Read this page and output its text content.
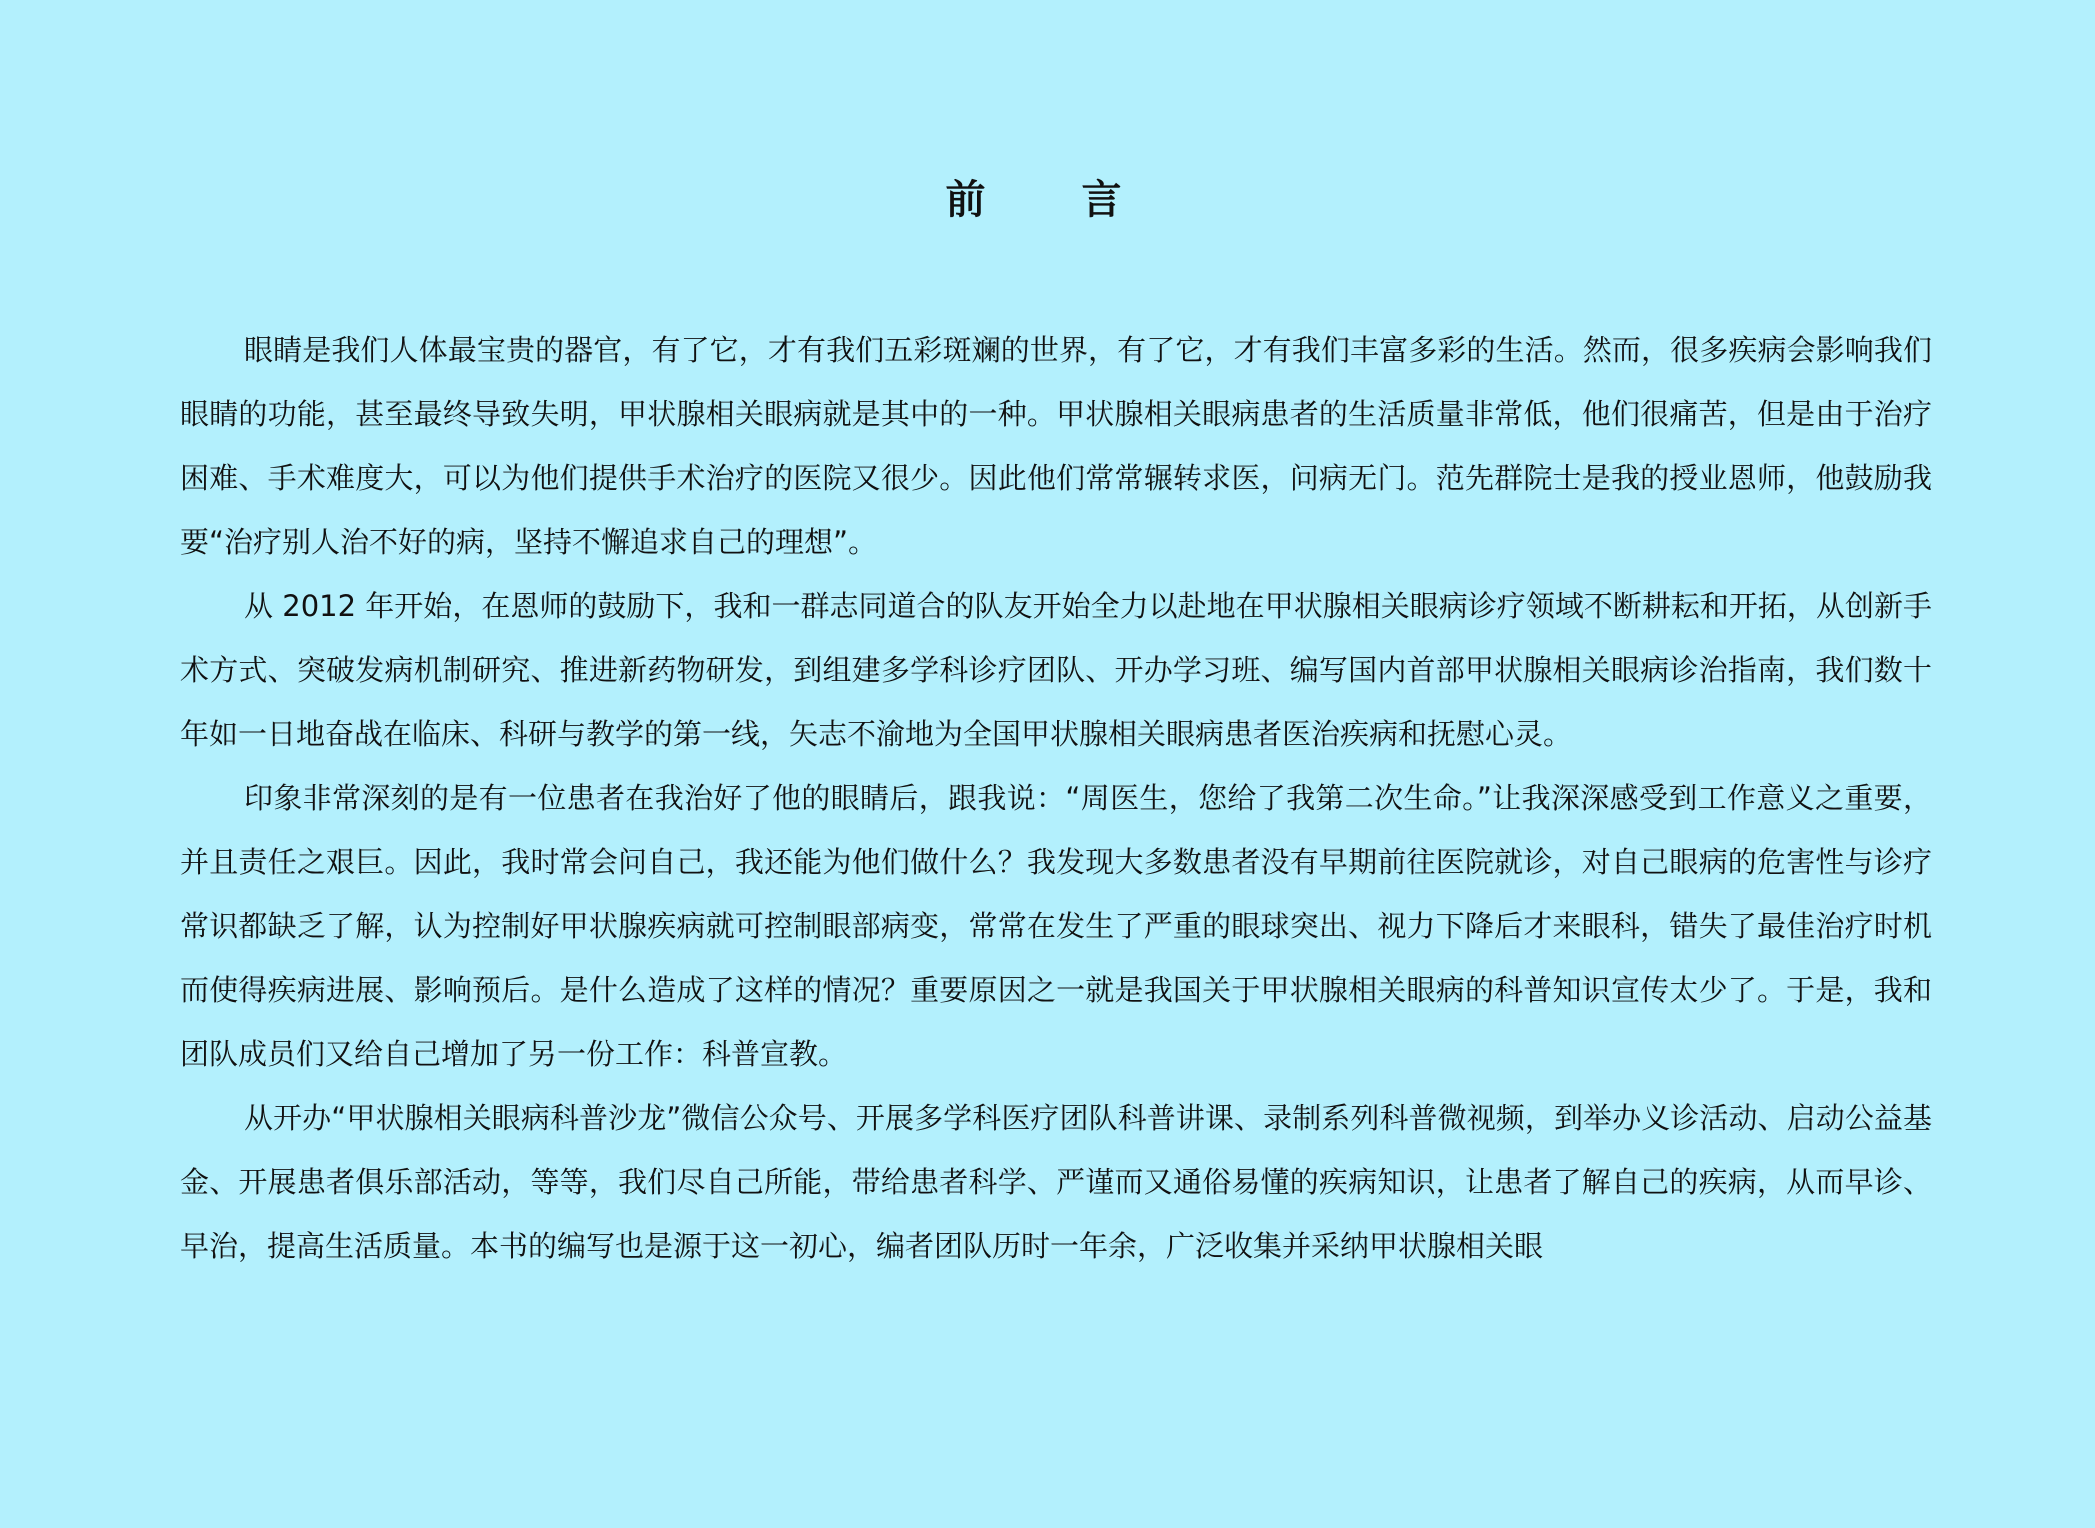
前　言

眼睛是我们人体最宝贵的器官，有了它，才有我们五彩斑斓的世界，有了它，才有我们丰富多彩的生活。然而，很多疾病会影响我们眼睛的功能，甚至最终导致失明，甲状腺相关眼病就是其中的一种。甲状腺相关眼病患者的生活质量非常低，他们很痛苦，但是由于治疗困难、手术难度大，可以为他们提供手术治疗的医院又很少。因此他们常常辗转求医，问病无门。范先群院士是我的授业恩师，他鼓励我要“治疗别人治不好的病，坚持不懈追求自己的理想”。

从 2012 年开始，在恩师的鼓励下，我和一群志同道合的队友开始全力以赴地在甲状腺相关眼病诊疗领域不断耕耘和开拓，从创新手术方式、突破发病机制研究、推进新药物研发，到组建多学科诊疗团队、开办学习班、编写国内首部甲状腺相关眼病诊治指南，我们数十年如一日地奋战在临床、科研与教学的第一线，矢志不渝地为全国甲状腺相关眼病患者医治疾病和抚慰心灵。

印象非常深刻的是有一位患者在我治好了他的眼睛后，跟我说：“周医生，您给了我第二次生命。”让我深深感受到工作意义之重要，并且责任之艰巨。因此，我时常会问自己，我还能为他们做什么？我发现大多数患者没有早期前往医院就诊，对自己眼病的危害性与诊疗常识都缺乏了解，认为控制好甲状腺疾病就可控制眼部病变，常常在发生了严重的眼球突出、视力下降后才来眼科，错失了最佳治疗时机而使得疾病进展、影响预后。是什么造成了这样的情况？重要原因之一就是我国关于甲状腺相关眼病的科普知识宣传太少了。于是，我和团队成员们又给自己增加了另一份工作：科普宣教。

从开办“甲状腺相关眼病科普沙龙”微信公众号、开展多学科医疗团队科普讲课、录制系列科普微视频，到举办义诊活动、启动公益基金、开展患者俱乐部活动，等等，我们尽自己所能，带给患者科学、严谨而又通俗易懂的疾病知识，让患者了解自己的疾病，从而早诊、早治，提高生活质量。本书的编写也是源于这一初心，编者团队历时一年余，广泛收集并采纳甲状腺相关眼
